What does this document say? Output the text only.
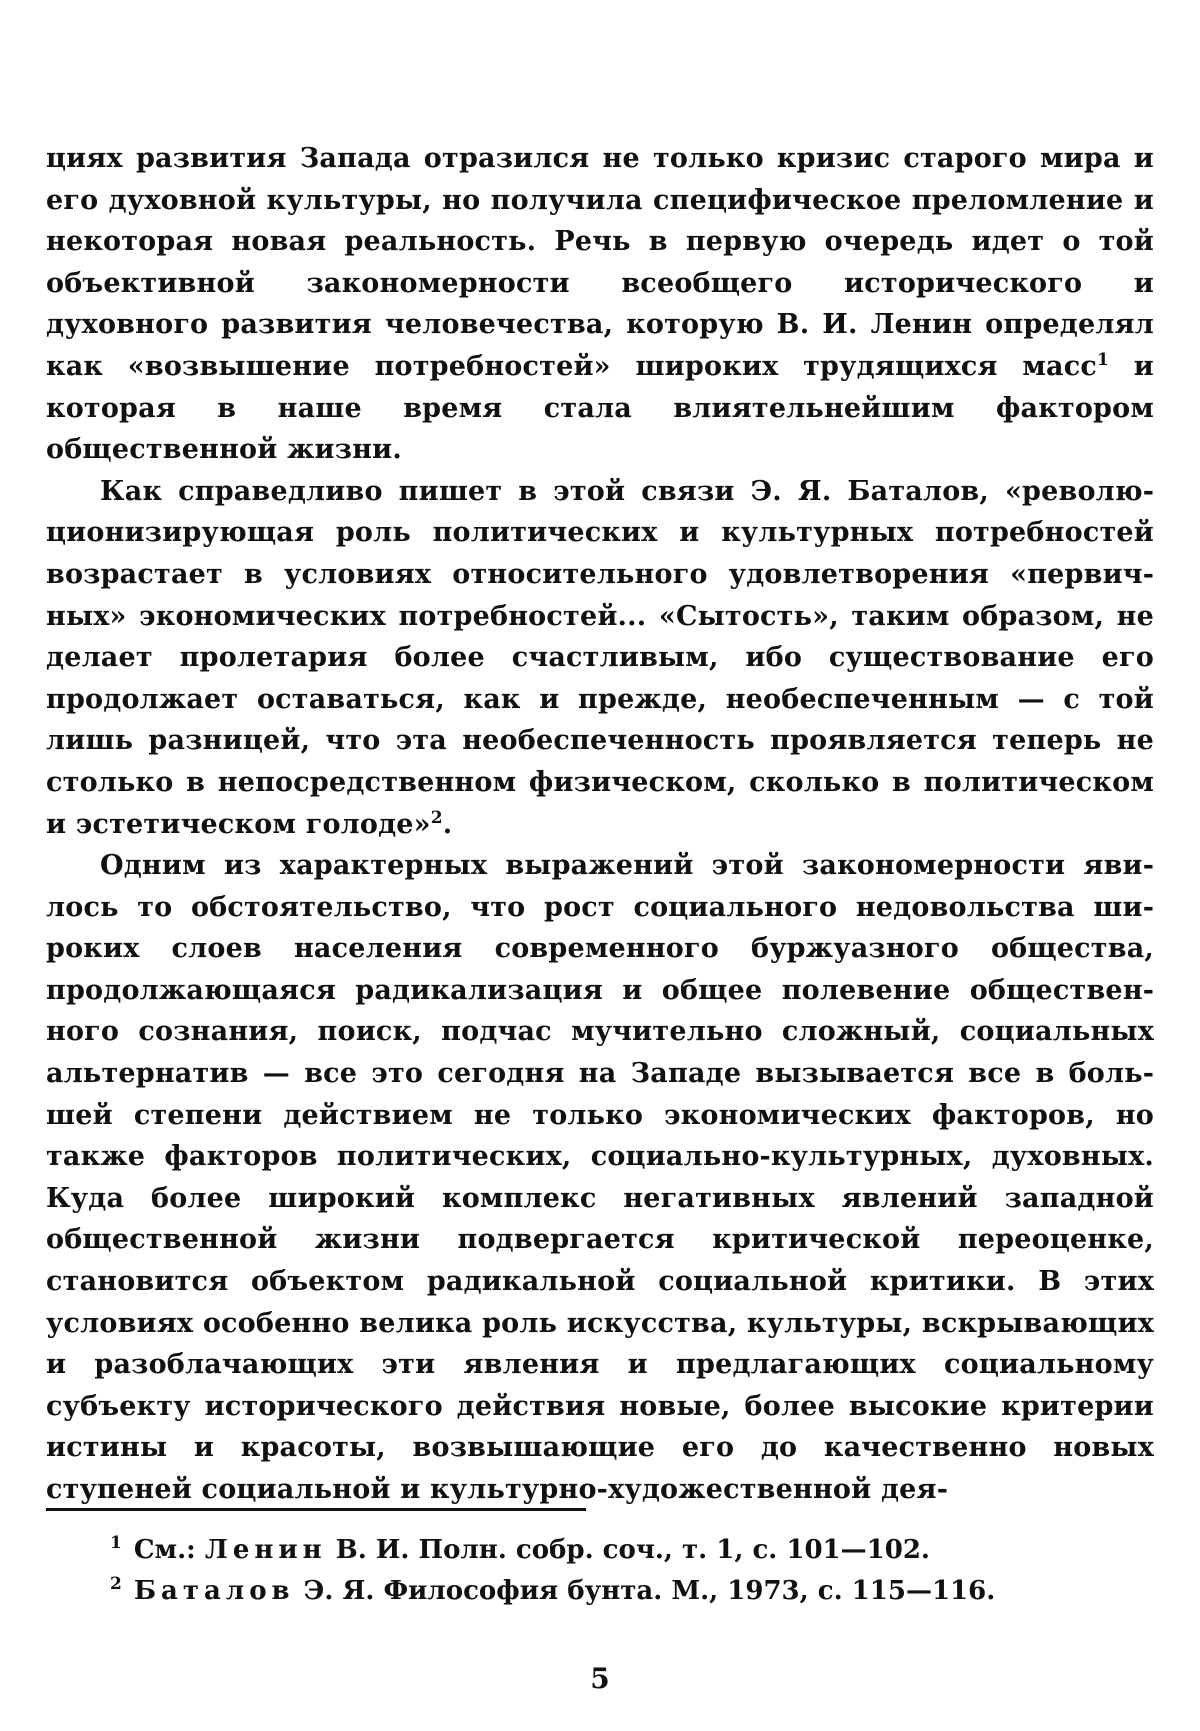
циях развития Запада отразился не только кризис старого мира и его духовной культуры, но получила специфическое преломление и некоторая новая реальность. Речь в первую очередь идет о той объективной закономерности всеобщего исторического и духовного развития человечества, которую В. И. Ленин определял как «возвышение потребностей» широких трудящихся масс$^1$ и которая в наше время стала влиятельнейшим фактором общественной жизни.

Как справедливо пишет в этой связи Э. Я. Баталов, «революционизирующая роль политических и культурных потребностей возрастает в условиях относительного удовлетворения «первичных» экономических потребностей... «Сытость», таким образом, не делает пролетария более счастливым, ибо существование его продолжает оставаться, как и прежде, необеспеченным — с той лишь разницей, что эта необеспеченность проявляется теперь не столько в непосредственном физическом, сколько в политическом и эстетическом голоде»$^2$.

Одним из характерных выражений этой закономерности явилось то обстоятельство, что рост социального недовольства широких слоев населения современного буржуазного общества, продолжающаяся радикализация и общее полевение общественного сознания, поиск, подчас мучительно сложный, социальных альтернатив — все это сегодня на Западе вызывается все в большей степени действием не только экономических факторов, но также факторов политических, социально-культурных, духовных. Куда более широкий комплекс негативных явлений западной общественной жизни подвергается критической переоценке, становится объектом радикальной социальной критики. В этих условиях особенно велика роль искусства, культуры, вскрывающих и разоблачающих эти явления и предлагающих социальному субъекту исторического действия новые, более высокие критерии истины и красоты, возвышающие его до качественно новых ступеней социальной и культурно-художественной дея-

$^1$ См.: Ленин В. И. Полн. собр. соч., т. 1, с. 101—102.

$^2$ Баталов Э. Я. Философия бунта. М., 1973, с. 115—116.

5
